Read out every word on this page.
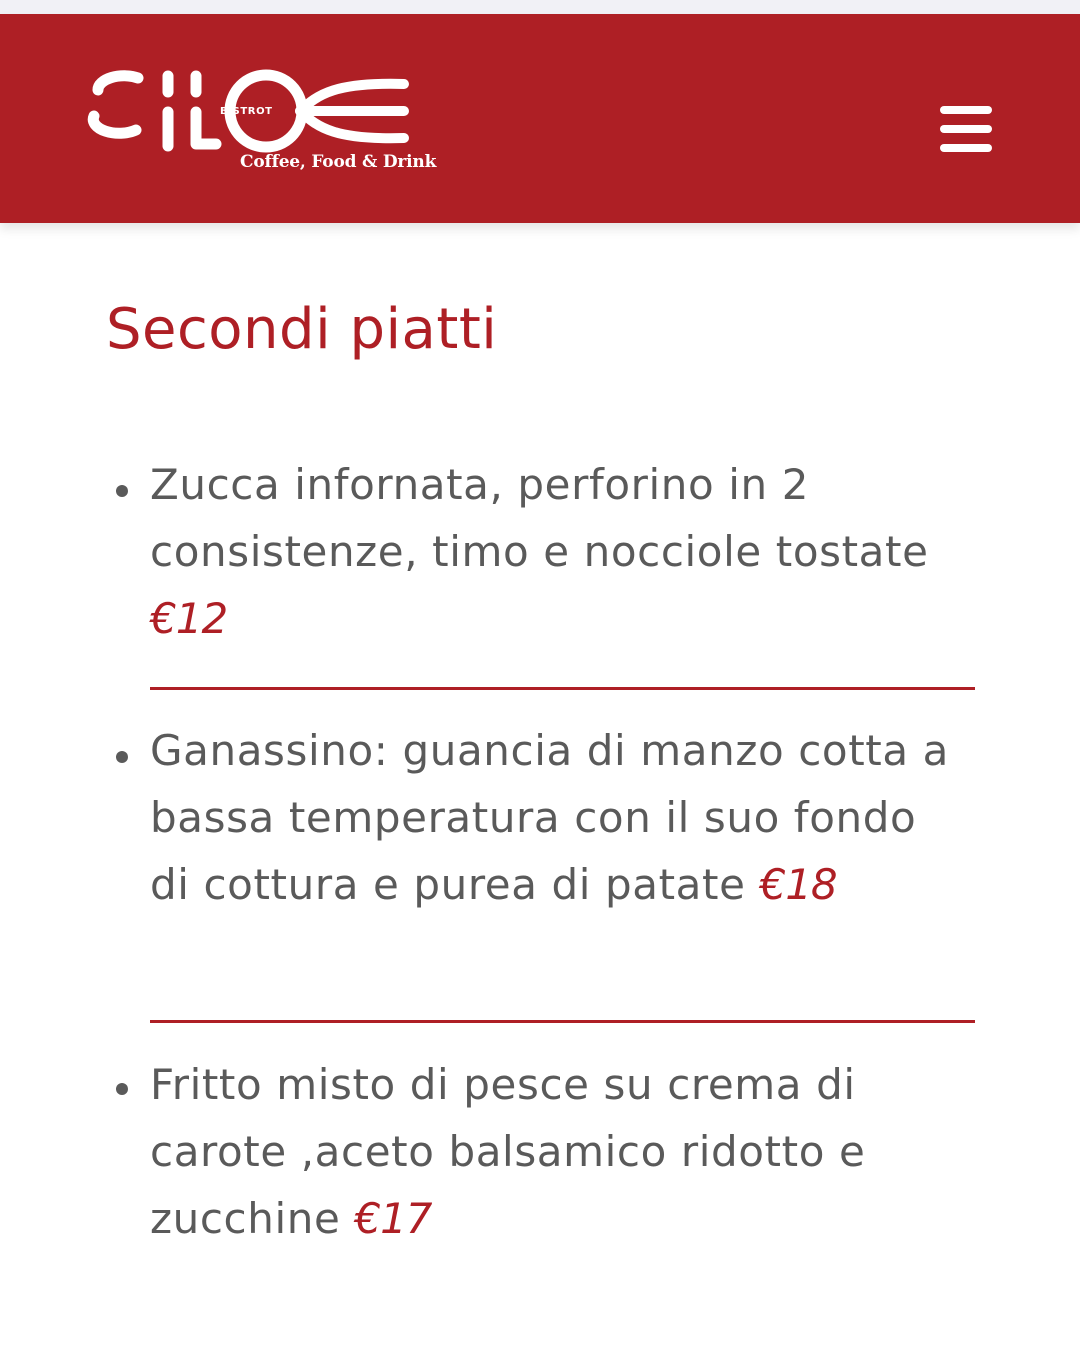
BISTROT
Coffee, Food & Drink
Secondi piatti

Zucca infornata, perforino in 2 consistenze, timo e nocciole tostate €12

Ganassino: guancia di manzo cotta a bassa temperatura con il suo fondo di cottura e purea di patate €18

Fritto misto di pesce su crema di carote ,aceto balsamico ridotto e zucchine €17
